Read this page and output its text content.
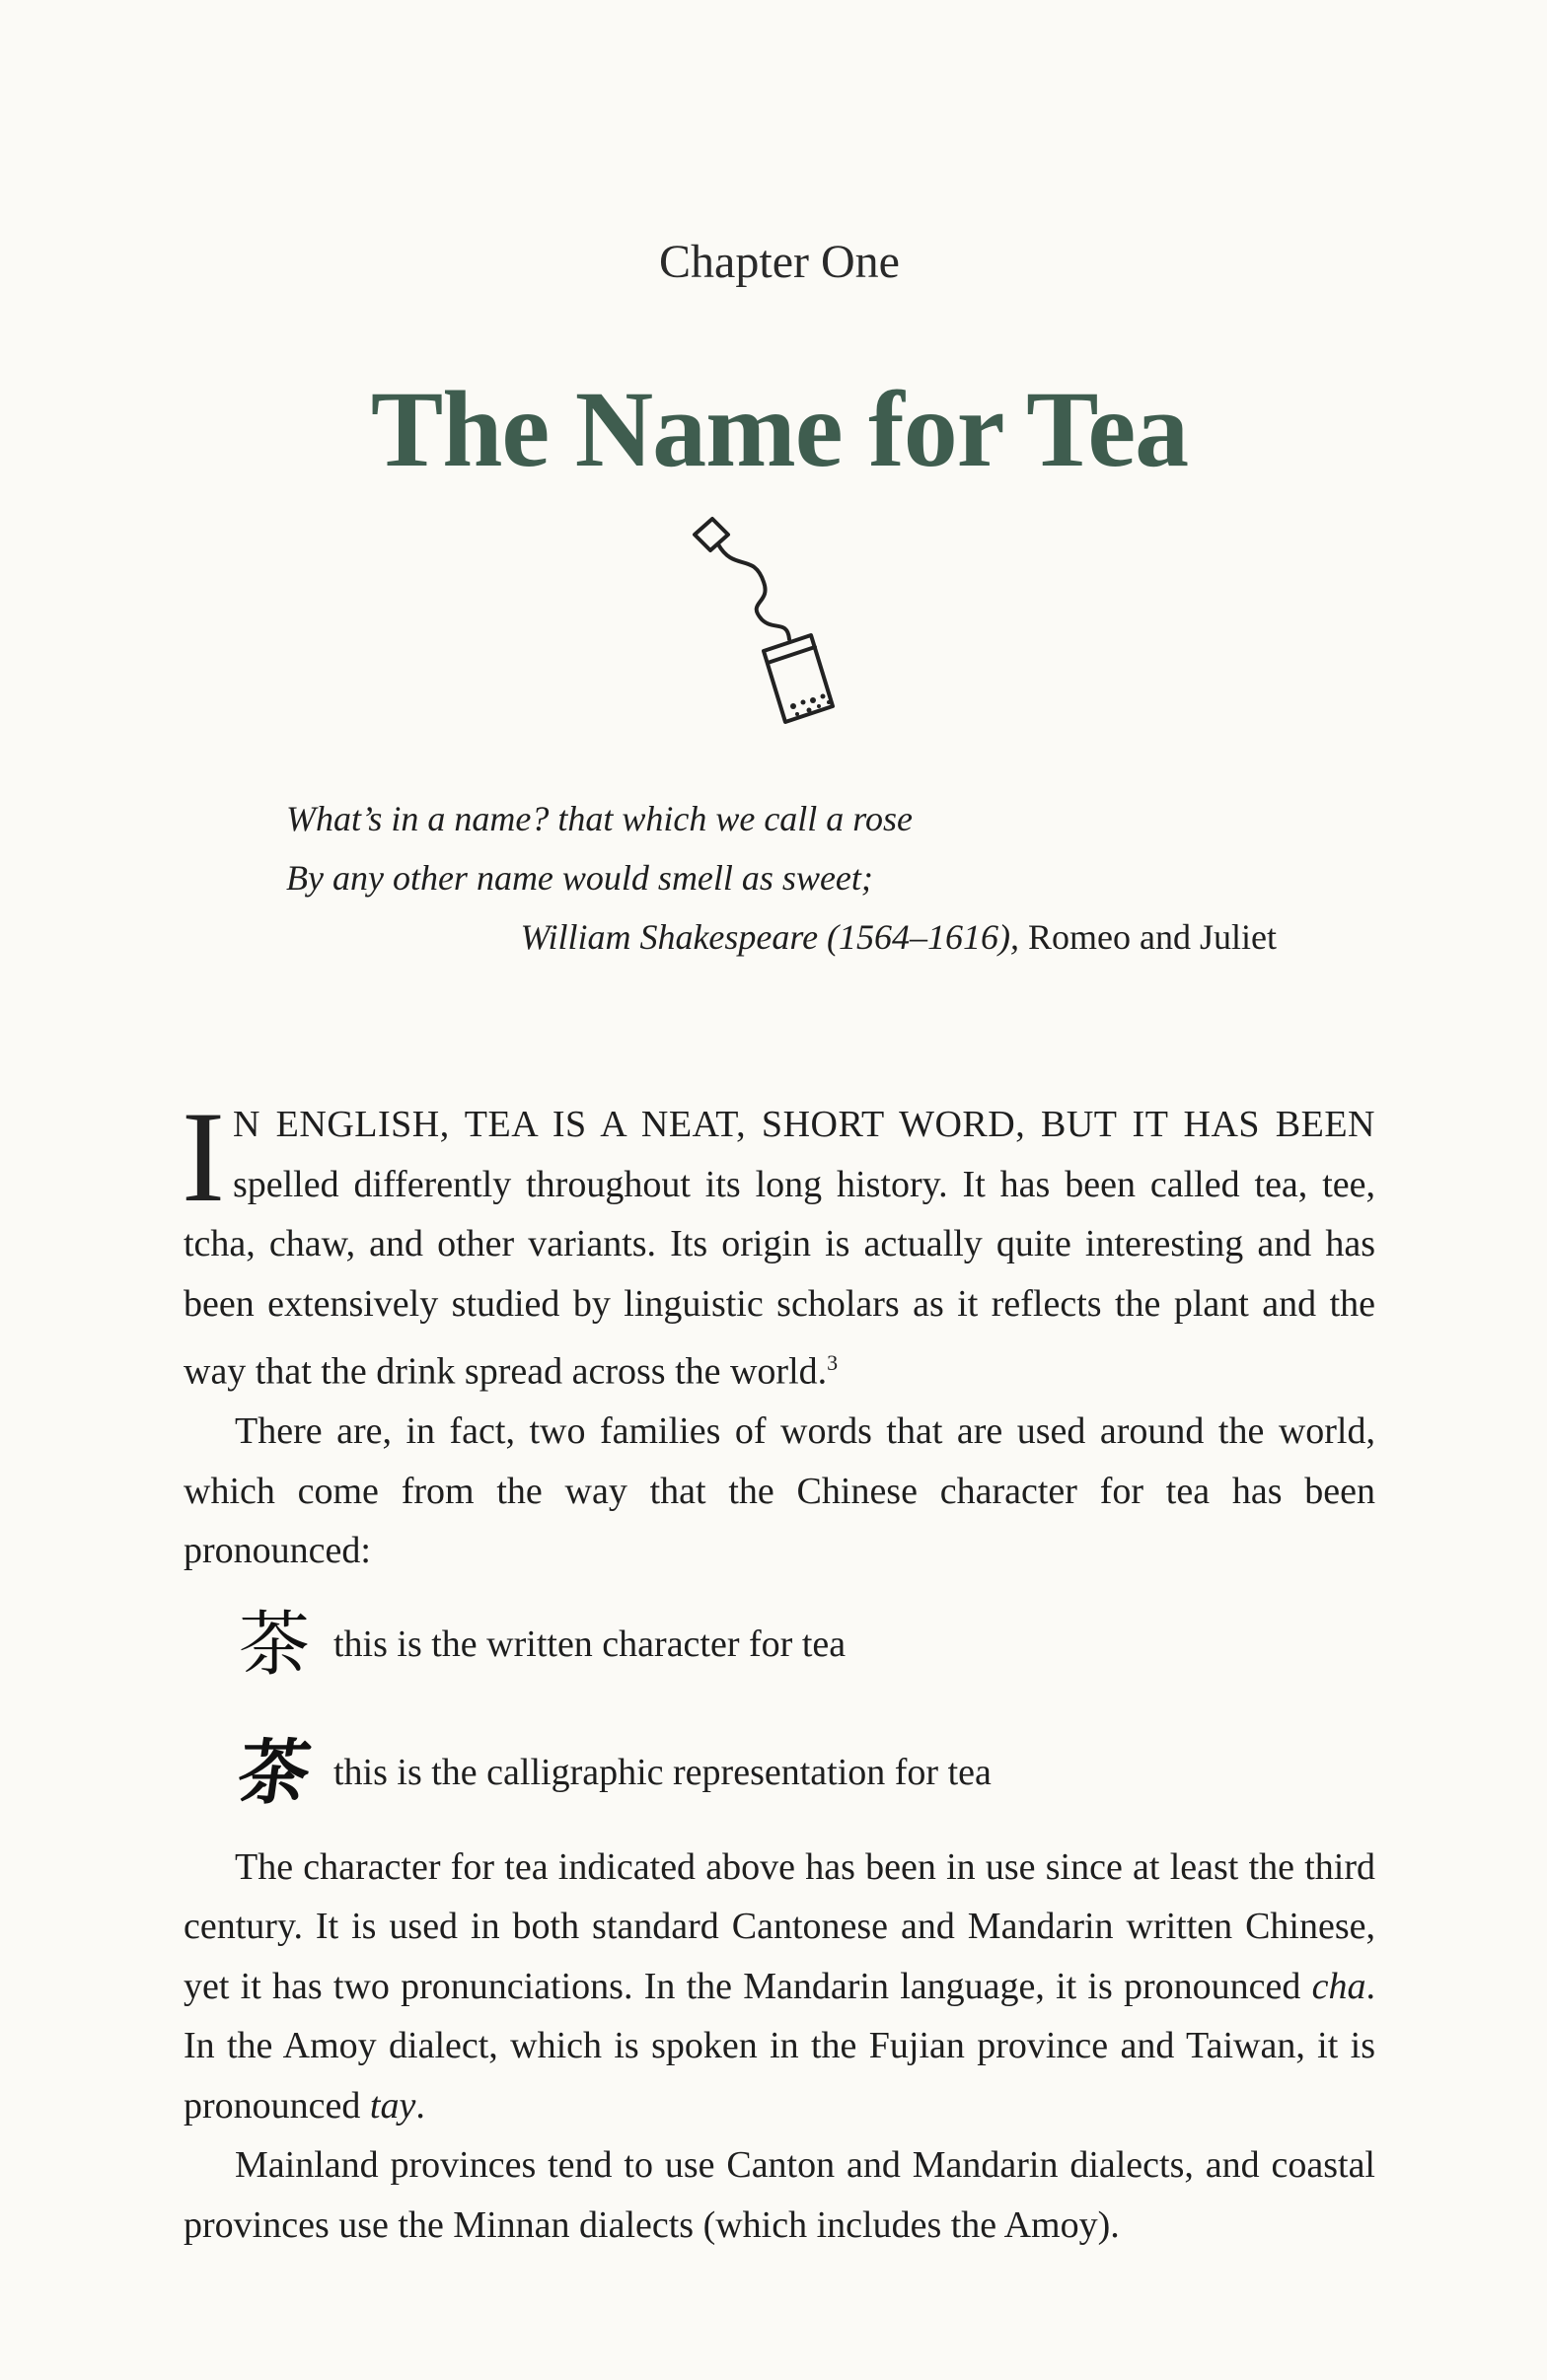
Chapter One
The Name for Tea
What’s in a name? that which we call a rose
By any other name would smell as sweet;
William Shakespeare (1564–1616), Romeo and Juliet

I N ENGLISH, TEA IS A NEAT, SHORT WORD, BUT IT HAS BEEN spelled differently throughout its long history. It has been called tea, tee, tcha, chaw, and other variants. Its origin is actually quite interesting and has been extensively studied by linguistic scholars as it reflects the plant and the way that the drink spread across the world.$^3$

There are, in fact, two families of words that are used around the world, which come from the way that the Chinese character for tea has been pronounced:

茶 this is the written character for tea
茶 this is the calligraphic representation for tea

The character for tea indicated above has been in use since at least the third century. It is used in both standard Cantonese and Mandarin written Chinese, yet it has two pronunciations. In the Mandarin language, it is pronounced cha. In the Amoy dialect, which is spoken in the Fujian province and Taiwan, it is pronounced tay.

Mainland provinces tend to use Canton and Mandarin dialects, and coastal provinces use the Minnan dialects (which includes the Amoy).
